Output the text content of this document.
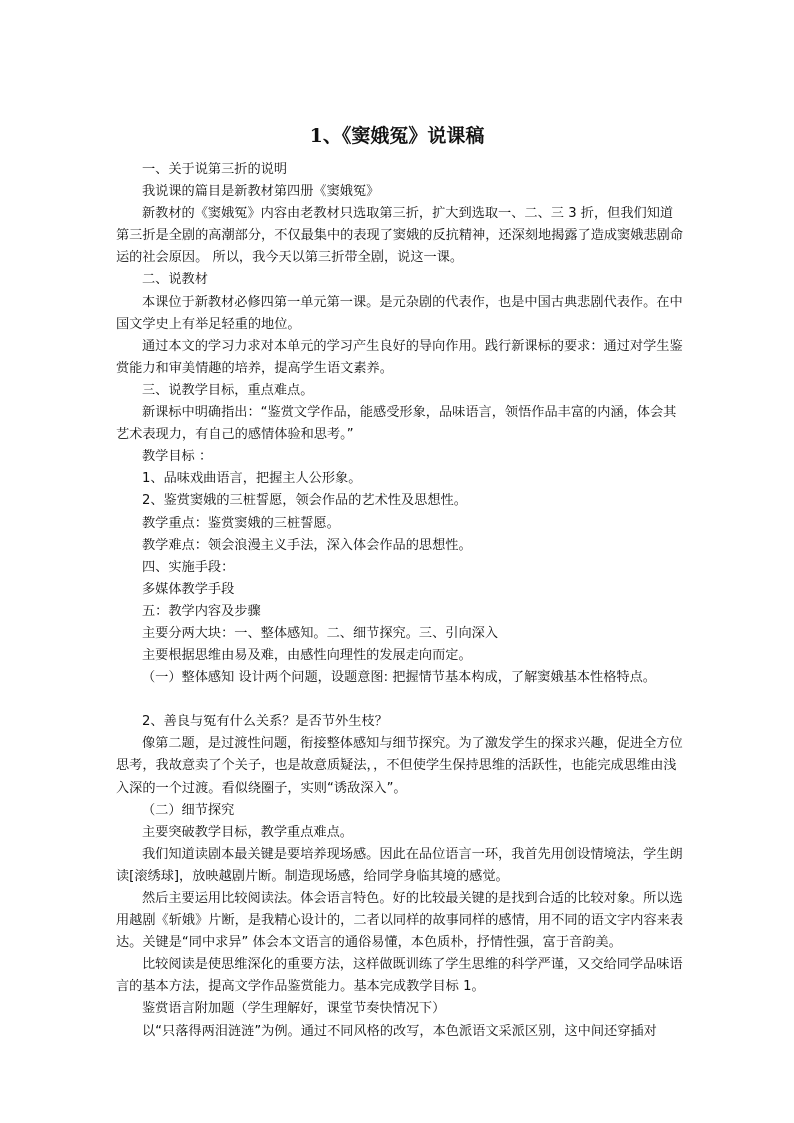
1、《窦娥冤》说课稿

一、关于说第三折的说明

我说课的篇目是新教材第四册《窦娥冤》

新教材的《窦娥冤》内容由老教材只选取第三折，扩大到选取一、二、三 3 折，但我们知道第三折是全剧的高潮部分，不仅最集中的表现了窦娥的反抗精神，还深刻地揭露了造成窦娥悲剧命运的社会原因。 所以，我今天以第三折带全剧，说这一课。

二、说教材

本课位于新教材必修四第一单元第一课。是元杂剧的代表作，也是中国古典悲剧代表作。在中国文学史上有举足轻重的地位。

通过本文的学习力求对本单元的学习产生良好的导向作用。践行新课标的要求：通过对学生鉴赏能力和审美情趣的培养，提高学生语文素养。

三、说教学目标，重点难点。

新课标中明确指出：“鉴赏文学作品，能感受形象，品味语言，领悟作品丰富的内涵，体会其艺术表现力，有自己的感情体验和思考。”

教学目标 ：

1、品味戏曲语言，把握主人公形象。

2、鉴赏窦娥的三桩誓愿，领会作品的艺术性及思想性。

教学重点：鉴赏窦娥的三桩誓愿。

教学难点：领会浪漫主义手法，深入体会作品的思想性。

四、实施手段：

多媒体教学手段

五：教学内容及步骤

主要分两大块：一、整体感知。二、细节探究。三、引向深入

主要根据思维由易及难，由感性向理性的发展走向而定。

（一）整体感知 设计两个问题，设题意图: 把握情节基本构成，了解窦娥基本性格特点。

2、善良与冤有什么关系？是否节外生枝？

像第二题，是过渡性问题，衔接整体感知与细节探究。为了激发学生的探求兴趣，促进全方位思考，我故意卖了个关子，也是故意质疑法，，不但使学生保持思维的活跃性，也能完成思维由浅入深的一个过渡。看似绕圈子，实则“诱敌深入”。

（二）细节探究

主要突破教学目标，教学重点难点。

我们知道读剧本最关键是要培养现场感。因此在品位语言一环，我首先用创设情境法，学生朗读[滚绣球]，放映越剧片断。制造现场感，给同学身临其境的感觉。

然后主要运用比较阅读法。体会语言特色。好的比较最关键的是找到合适的比较对象。所以选用越剧《斩娥》片断，是我精心设计的，二者以同样的故事同样的感情，用不同的语文字内容来表达。关键是“同中求异” 体会本文语言的通俗易懂，本色质朴，抒情性强，富于音韵美。

比较阅读是使思维深化的重要方法，这样做既训练了学生思维的科学严谨，又交给同学品味语言的基本方法，提高文学作品鉴赏能力。基本完成教学目标 1。

鉴赏语言附加题（学生理解好，课堂节奏快情况下）

以“只落得两泪涟涟”为例。通过不同风格的改写，本色派语文采派区别，这中间还穿插对
